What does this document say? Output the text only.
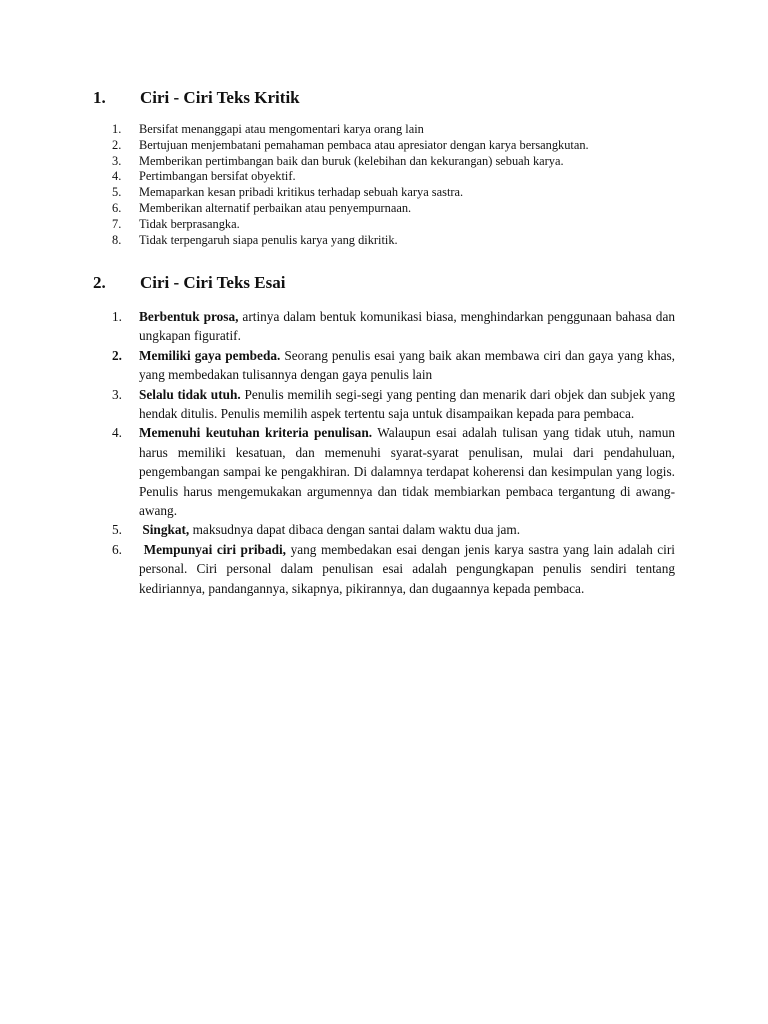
1. Ciri - Ciri Teks Kritik
1.	Bersifat menanggapi atau mengomentari karya orang lain
2.	Bertujuan menjembatani pemahaman pembaca atau apresiator dengan karya bersangkutan.
3.	Memberikan pertimbangan baik dan buruk (kelebihan dan kekurangan) sebuah karya.
4.	Pertimbangan bersifat obyektif.
5.	Memaparkan kesan pribadi kritikus terhadap sebuah karya sastra.
6.	Memberikan alternatif perbaikan atau penyempurnaan.
7.	Tidak berprasangka.
8.	Tidak terpengaruh siapa penulis karya yang dikritik.
2. Ciri - Ciri Teks Esai
1.	Berbentuk prosa, artinya dalam bentuk komunikasi biasa, menghindarkan penggunaan bahasa dan ungkapan figuratif.
2.	Memiliki gaya pembeda. Seorang penulis esai yang baik akan membawa ciri dan gaya yang khas, yang membedakan tulisannya dengan gaya penulis lain
3.	Selalu tidak utuh. Penulis memilih segi-segi yang penting dan menarik dari objek dan subjek yang hendak ditulis. Penulis memilih aspek tertentu saja untuk disampaikan kepada para pembaca.
4.	Memenuhi keutuhan kriteria penulisan. Walaupun esai adalah tulisan yang tidak utuh, namun harus memiliki kesatuan, dan memenuhi syarat-syarat penulisan, mulai dari pendahuluan, pengembangan sampai ke pengakhiran. Di dalamnya terdapat koherensi dan kesimpulan yang logis. Penulis harus mengemukakan argumennya dan tidak membiarkan pembaca tergantung di awang-awang.
5.	Singkat, maksudnya dapat dibaca dengan santai dalam waktu dua jam.
6.	Mempunyai ciri pribadi, yang membedakan esai dengan jenis karya sastra yang lain adalah ciri personal. Ciri personal dalam penulisan esai adalah pengungkapan penulis sendiri tentang kediriannya, pandangannya, sikapnya, pikirannya, dan dugaannya kepada pembaca.
